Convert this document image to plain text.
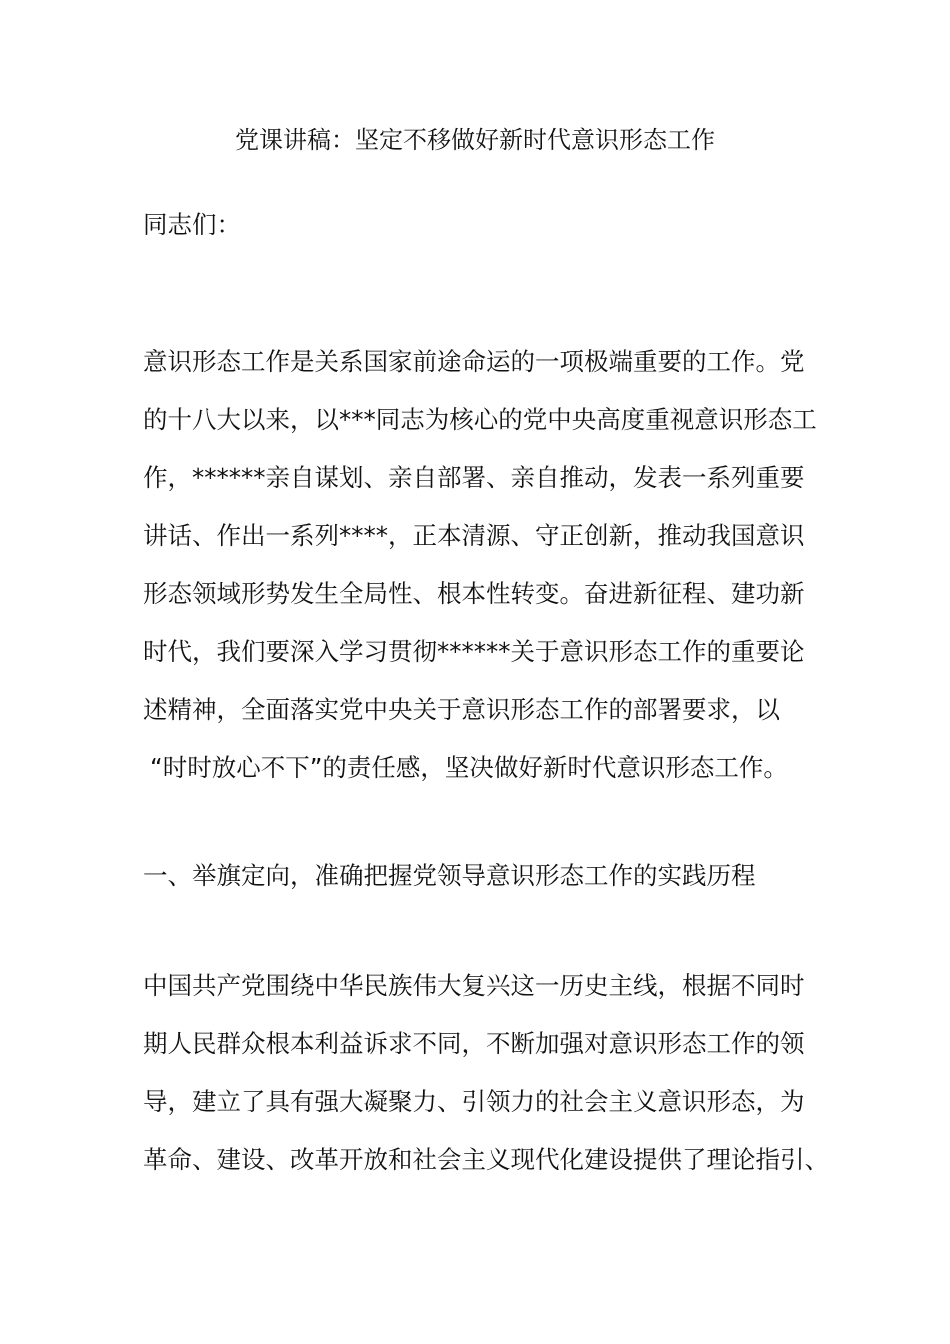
党课讲稿：坚定不移做好新时代意识形态工作
同志们：
意识形态工作是关系国家前途命运的一项极端重要的工作。党
的十八大以来，以***同志为核心的党中央高度重视意识形态工
作，******亲自谋划、亲自部署、亲自推动，发表一系列重要
讲话、作出一系列****，正本清源、守正创新，推动我国意识
形态领域形势发生全局性、根本性转变。奋进新征程、建功新
时代，我们要深入学习贯彻******关于意识形态工作的重要论
述精神，全面落实党中央关于意识形态工作的部署要求，以
“时时放心不下”的责任感，坚决做好新时代意识形态工作。
一、举旗定向，准确把握党领导意识形态工作的实践历程
中国共产党围绕中华民族伟大复兴这一历史主线，根据不同时
期人民群众根本利益诉求不同，不断加强对意识形态工作的领
导，建立了具有强大凝聚力、引领力的社会主义意识形态，为
革命、建设、改革开放和社会主义现代化建设提供了理论指引、
